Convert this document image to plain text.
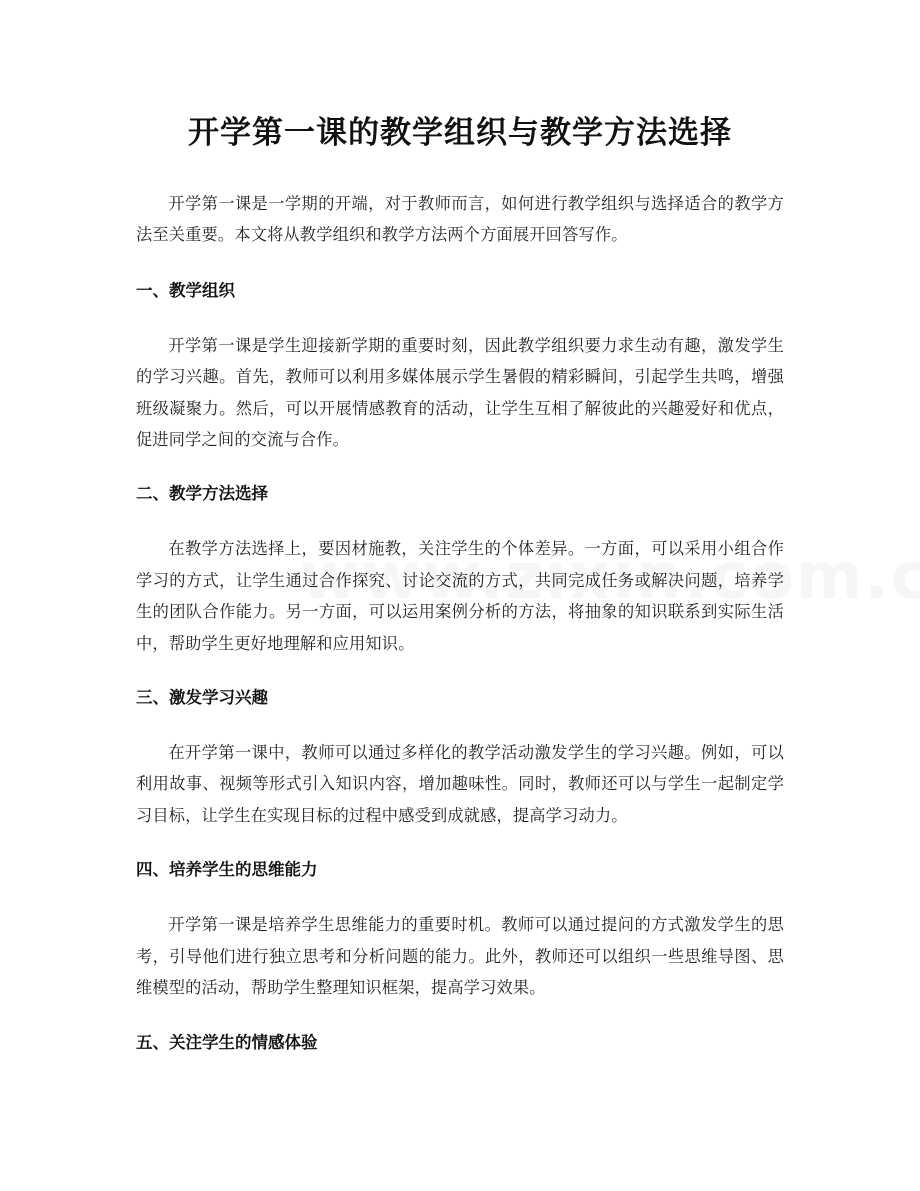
开学第一课的教学组织与教学方法选择

开学第一课是一学期的开端，对于教师而言，如何进行教学组织与选择适合的教学方法至关重要。本文将从教学组织和教学方法两个方面展开回答写作。

一、教学组织

开学第一课是学生迎接新学期的重要时刻，因此教学组织要力求生动有趣，激发学生的学习兴趣。首先，教师可以利用多媒体展示学生暑假的精彩瞬间，引起学生共鸣，增强班级凝聚力。然后，可以开展情感教育的活动，让学生互相了解彼此的兴趣爱好和优点，促进同学之间的交流与合作。

二、教学方法选择

在教学方法选择上，要因材施教，关注学生的个体差异。一方面，可以采用小组合作学习的方式，让学生通过合作探究、讨论交流的方式，共同完成任务或解决问题，培养学生的团队合作能力。另一方面，可以运用案例分析的方法，将抽象的知识联系到实际生活中，帮助学生更好地理解和应用知识。

三、激发学习兴趣

在开学第一课中，教师可以通过多样化的教学活动激发学生的学习兴趣。例如，可以利用故事、视频等形式引入知识内容，增加趣味性。同时，教师还可以与学生一起制定学习目标，让学生在实现目标的过程中感受到成就感，提高学习动力。

四、培养学生的思维能力

开学第一课是培养学生思维能力的重要时机。教师可以通过提问的方式激发学生的思考，引导他们进行独立思考和分析问题的能力。此外，教师还可以组织一些思维导图、思维模型的活动，帮助学生整理知识框架，提高学习效果。

五、关注学生的情感体验
